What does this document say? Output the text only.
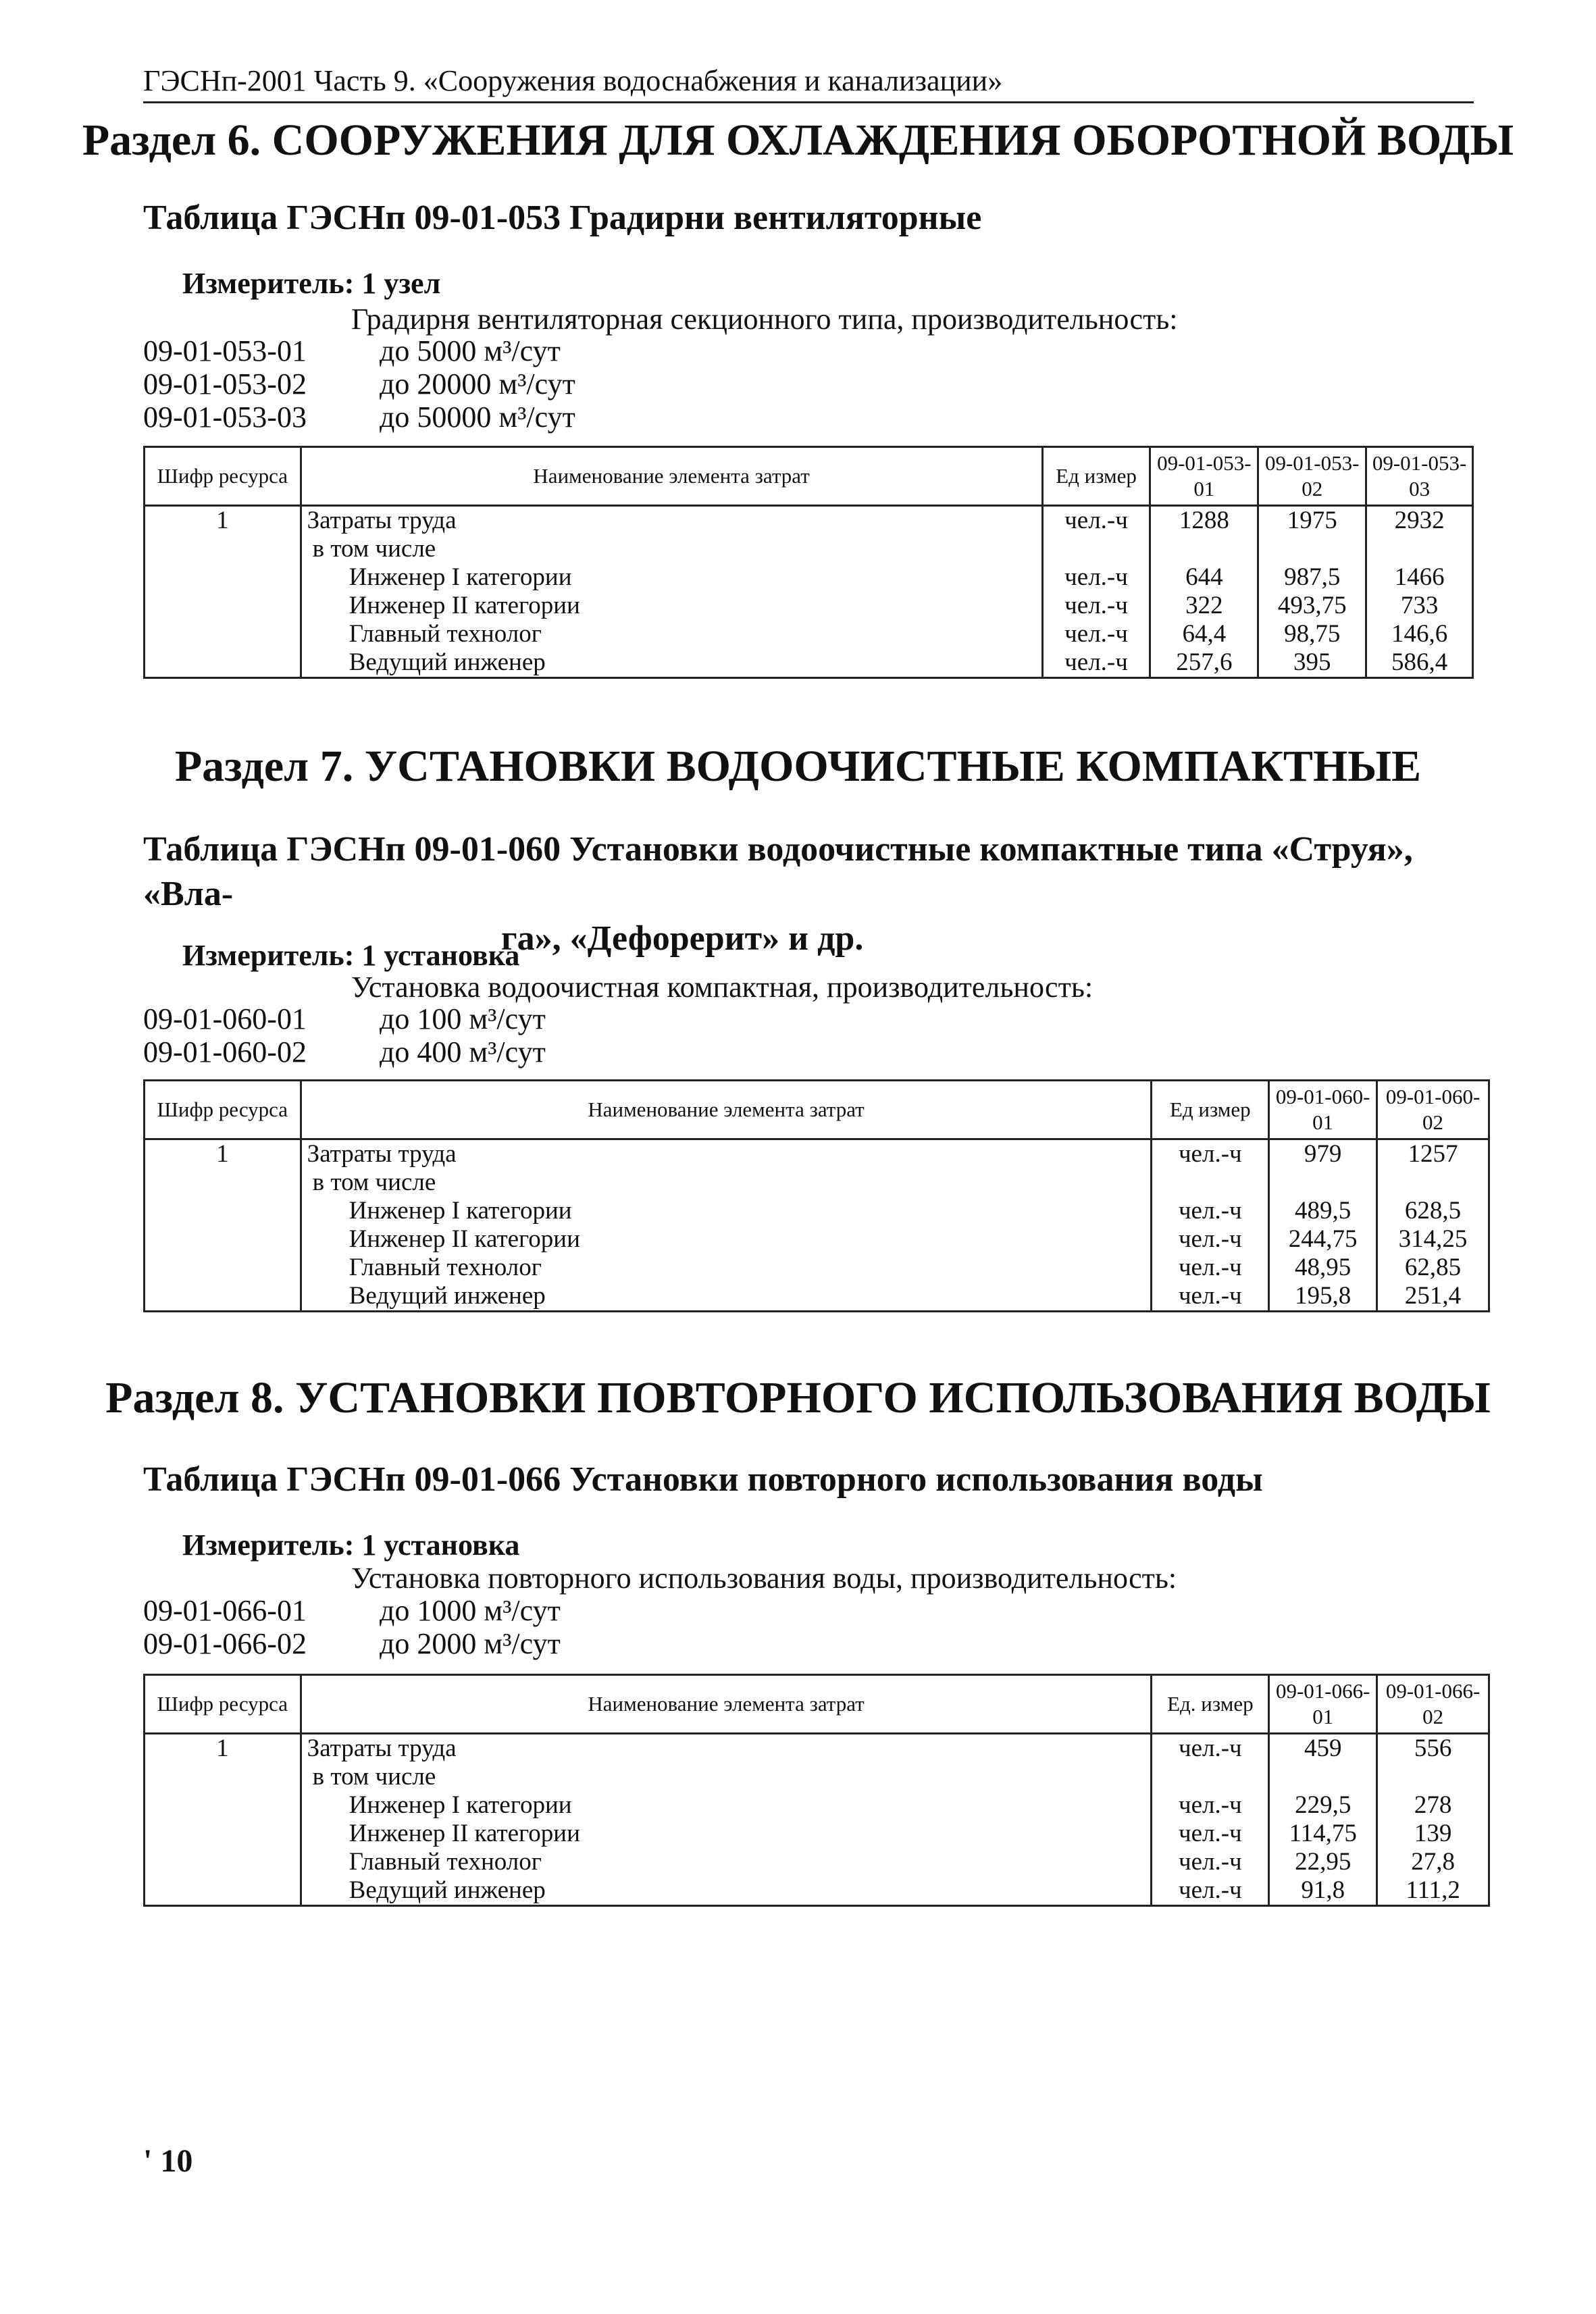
ГЭСНп-2001 Часть 9. «Сооружения водоснабжения и канализации»
Раздел 6. СООРУЖЕНИЯ ДЛЯ ОХЛАЖДЕНИЯ ОБОРОТНОЙ ВОДЫ
Таблица ГЭСНп 09-01-053 Градирни вентиляторные
Измеритель: 1 узел
Градирня вентиляторная секционного типа, производительность:
09-01-053-01 до 5000 м³/сут
09-01-053-02 до 20000 м³/сут
09-01-053-03 до 50000 м³/сут
Шифр ресурса	Наименование элемента затрат	Ед измер	09-01-053-01	09-01-053-02	09-01-053-03
1	Затраты труда	чел.-ч	1288	1975	2932
	в том числе				
	Инженер I категории	чел.-ч	644	987,5	1466
	Инженер II категории	чел.-ч	322	493,75	733
	Главный технолог	чел.-ч	64,4	98,75	146,6
	Ведущий инженер	чел.-ч	257,6	395	586,4
Раздел 7. УСТАНОВКИ ВОДООЧИСТНЫЕ КОМПАКТНЫЕ
Таблица ГЭСНп 09-01-060 Установки водоочистные компактные типа «Струя», «Вла-
га», «Дефорерит» и др.
Измеритель: 1 установка
Установка водоочистная компактная, производительность:
09-01-060-01 до 100 м³/сут
09-01-060-02 до 400 м³/сут
Шифр ресурса	Наименование элемента затрат	Ед измер	09-01-060-01	09-01-060-02
1	Затраты труда	чел.-ч	979	1257
	в том числе			
	Инженер I категории	чел.-ч	489,5	628,5
	Инженер II категории	чел.-ч	244,75	314,25
	Главный технолог	чел.-ч	48,95	62,85
	Ведущий инженер	чел.-ч	195,8	251,4
Раздел 8. УСТАНОВКИ ПОВТОРНОГО ИСПОЛЬЗОВАНИЯ ВОДЫ
Таблица ГЭСНп 09-01-066 Установки повторного использования воды
Измеритель: 1 установка
Установка повторного использования воды, производительность:
09-01-066-01 до 1000 м³/сут
09-01-066-02 до 2000 м³/сут
Шифр ресурса	Наименование элемента затрат	Ед. измер	09-01-066-01	09-01-066-02
1	Затраты труда	чел.-ч	459	556
	в том числе			
	Инженер I категории	чел.-ч	229,5	278
	Инженер II категории	чел.-ч	114,75	139
	Главный технолог	чел.-ч	22,95	27,8
	Ведущий инженер	чел.-ч	91,8	111,2
' 10
